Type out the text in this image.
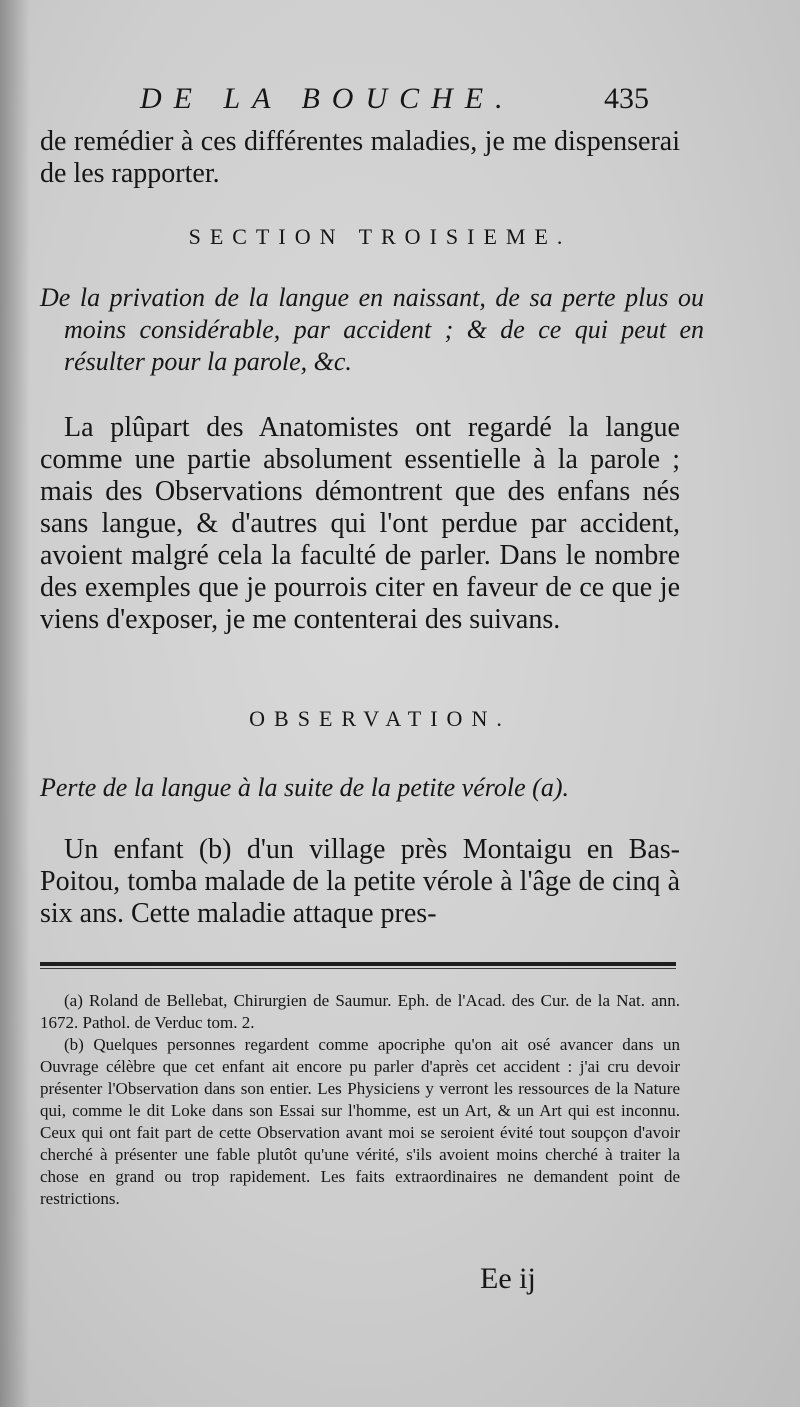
DE LA BOUCHE.	435

de remédier à ces différentes maladies, je me dispenserai de les rapporter.

SECTION TROISIEME.
De la privation de la langue en naissant, de sa perte plus ou moins considérable, par accident ; & de ce qui peut en résulter pour la parole, &c.
La plûpart des Anatomistes ont regardé la langue comme une partie absolument essentielle à la parole ; mais des Observations démontrent que des enfans nés sans langue, & d'autres qui l'ont perdue par accident, avoient malgré cela la faculté de parler. Dans le nombre des exemples que je pourrois citer en faveur de ce que je viens d'exposer, je me contenterai des suivans.
OBSERVATION.
Perte de la langue à la suite de la petite vérole (a).
Un enfant (b) d'un village près Montaigu en Bas-Poitou, tomba malade de la petite vérole à l'âge de cinq à six ans. Cette maladie attaque pres-

(a) Roland de Bellebat, Chirurgien de Saumur. Eph. de l'Acad. des Cur. de la Nat. ann. 1672. Pathol. de Verduc tom. 2.

(b) Quelques personnes regardent comme apocriphe qu'on ait osé avancer dans un Ouvrage célèbre que cet enfant ait encore pu parler d'après cet accident : j'ai cru devoir présenter l'Observation dans son entier. Les Physiciens y verront les ressources de la Nature qui, comme le dit Loke dans son Essai sur l'homme, est un Art, & un Art qui est inconnu. Ceux qui ont fait part de cette Observation avant moi se seroient évité tout soupçon d'avoir cherché à présenter une fable plutôt qu'une vérité, s'ils avoient moins cherché à traiter la chose en grand ou trop rapidement. Les faits extraordinaires ne demandent point de restrictions.

Ee ij
